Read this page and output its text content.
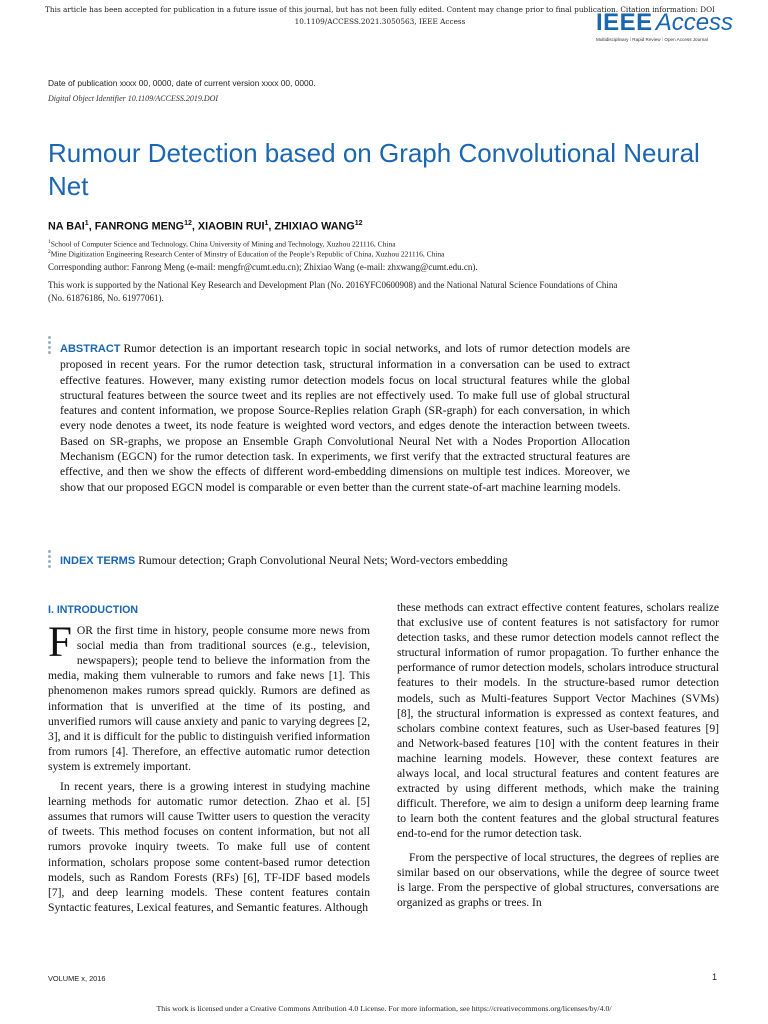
This article has been accepted for publication in a future issue of this journal, but has not been fully edited. Content may change prior to final publication. Citation information: DOI
10.1109/ACCESS.2021.3050563, IEEE Access	IEEE Access
Multidisciplinary ⁞ Rapid Review ⁞ Open Access Journal
Date of publication xxxx 00, 0000, date of current version xxxx 00, 0000.
Digital Object Identifier 10.1109/ACCESS.2019.DOI
Rumour Detection based on Graph Convolutional Neural Net
NA BAI$^1$, FANRONG MENG$^{12}$, XIAOBIN RUI$^1$, ZHIXIAO WANG$^{12}$
$^1$School of Computer Science and Technology, China University of Mining and Technology, Xuzhou 221116, China
$^2$Mine Digitization Engineering Research Center of Minstry of Education of the People’s Republic of China, Xuzhou 221116, China
Corresponding author: Fanrong Meng (e-mail: mengfr@cumt.edu.cn); Zhixiao Wang (e-mail: zhxwang@cumt.edu.cn).
This work is supported by the National Key Research and Development Plan (No. 2016YFC0600908) and the National Natural Science Foundations of China (No. 61876186, No. 61977061).
ABSTRACT Rumor detection is an important research topic in social networks, and lots of rumor detection models are proposed in recent years. For the rumor detection task, structural information in a conversation can be used to extract effective features. However, many existing rumor detection models focus on local structural features while the global structural features between the source tweet and its replies are not effectively used. To make full use of global structural features and content information, we propose Source-Replies relation Graph (SR-graph) for each conversation, in which every node denotes a tweet, its node feature is weighted word vectors, and edges denote the interaction between tweets. Based on SR-graphs, we propose an Ensemble Graph Convolutional Neural Net with a Nodes Proportion Allocation Mechanism (EGCN) for the rumor detection task. In experiments, we first verify that the extracted structural features are effective, and then we show the effects of different word-embedding dimensions on multiple test indices. Moreover, we show that our proposed EGCN model is comparable or even better than the current state-of-art machine learning models.
INDEX TERMS Rumour detection; Graph Convolutional Neural Nets; Word-vectors embedding
I. INTRODUCTION

FOR the first time in history, people consume more news from social media than from traditional sources (e.g., television, newspapers); people tend to believe the information from the media, making them vulnerable to rumors and fake news [1]. This phenomenon makes rumors spread quickly. Rumors are defined as information that is unverified at the time of its posting, and unverified rumors will cause anxiety and panic to varying degrees [2, 3], and it is difficult for the public to distinguish verified information from rumors [4]. Therefore, an effective automatic rumor detection system is extremely important.

In recent years, there is a growing interest in studying machine learning methods for automatic rumor detection. Zhao et al. [5] assumes that rumors will cause Twitter users to question the veracity of tweets. This method focuses on content information, but not all rumors provoke inquiry tweets. To make full use of content information, scholars propose some content-based rumor detection models, such as Random Forests (RFs) [6], TF-IDF based models [7], and deep learning models. These content features contain Syntactic features, Lexical features, and Semantic features. Although

these methods can extract effective content features, scholars realize that exclusive use of content features is not satisfactory for rumor detection tasks, and these rumor detection models cannot reflect the structural information of rumor propagation. To further enhance the performance of rumor detection models, scholars introduce structural features to their models. In the structure-based rumor detection models, such as Multi-features Support Vector Machines (SVMs) [8], the structural information is expressed as context features, and scholars combine context features, such as User-based features [9] and Network-based features [10] with the content features in their machine learning models. However, these context features are always local, and local structural features and content features are extracted by using different methods, which make the training difficult. Therefore, we aim to design a uniform deep learning frame to learn both the content features and the global structural features end-to-end for the rumor detection task.

From the perspective of local structures, the degrees of replies are similar based on our observations, while the degree of source tweet is large. From the perspective of global structures, conversations are organized as graphs or trees. In

VOLUME x, 2016	1
This work is licensed under a Creative Commons Attribution 4.0 License. For more information, see https://creativecommons.org/licenses/by/4.0/
